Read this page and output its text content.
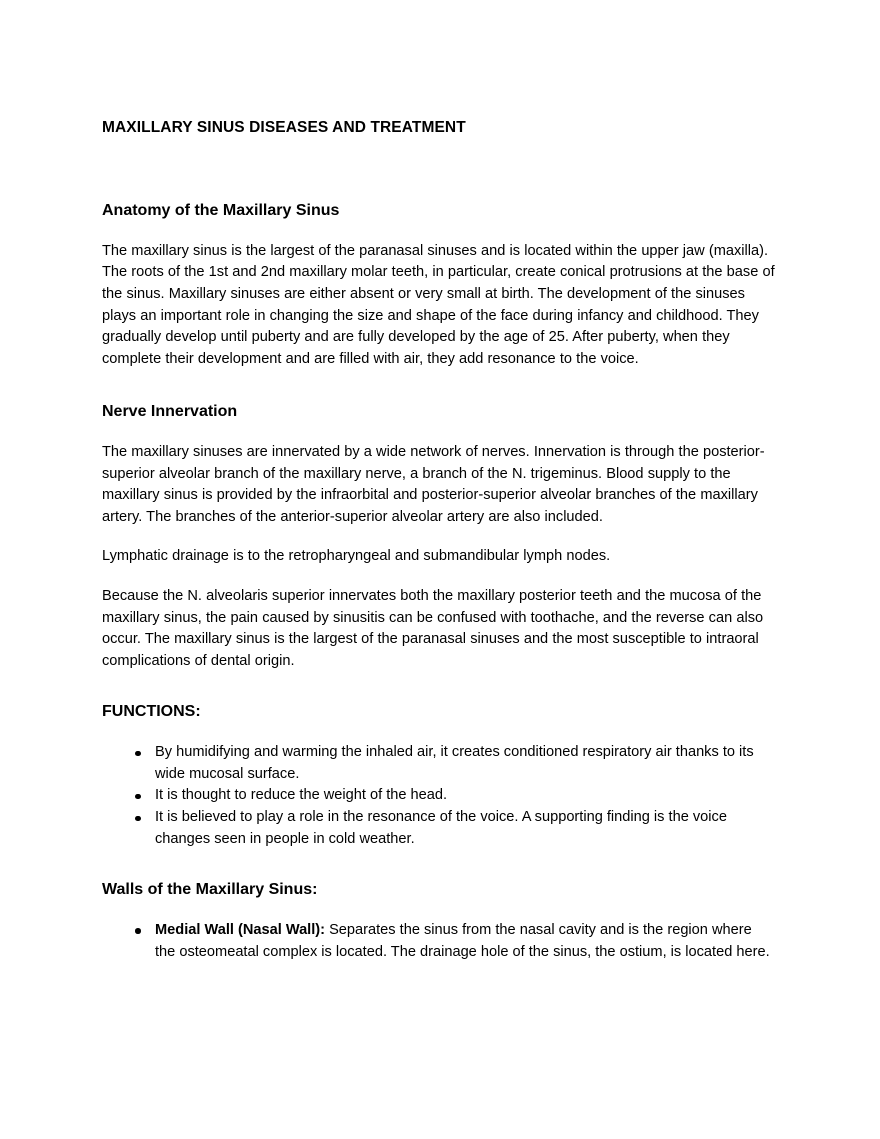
MAXILLARY SINUS DISEASES AND TREATMENT
Anatomy of the Maxillary Sinus

The maxillary sinus is the largest of the paranasal sinuses and is located within the upper jaw (maxilla). The roots of the 1st and 2nd maxillary molar teeth, in particular, create conical protrusions at the base of the sinus. Maxillary sinuses are either absent or very small at birth. The development of the sinuses plays an important role in changing the size and shape of the face during infancy and childhood. They gradually develop until puberty and are fully developed by the age of 25. After puberty, when they complete their development and are filled with air, they add resonance to the voice.

Nerve Innervation

The maxillary sinuses are innervated by a wide network of nerves. Innervation is through the posterior-superior alveolar branch of the maxillary nerve, a branch of the N. trigeminus. Blood supply to the maxillary sinus is provided by the infraorbital and posterior-superior alveolar branches of the maxillary artery. The branches of the anterior-superior alveolar artery are also included.

Lymphatic drainage is to the retropharyngeal and submandibular lymph nodes.

Because the N. alveolaris superior innervates both the maxillary posterior teeth and the mucosa of the maxillary sinus, the pain caused by sinusitis can be confused with toothache, and the reverse can also occur. The maxillary sinus is the largest of the paranasal sinuses and the most susceptible to intraoral complications of dental origin.

FUNCTIONS:
By humidifying and warming the inhaled air, it creates conditioned respiratory air thanks to its wide mucosal surface.
It is thought to reduce the weight of the head.
It is believed to play a role in the resonance of the voice. A supporting finding is the voice changes seen in people in cold weather.
Walls of the Maxillary Sinus:
Medial Wall (Nasal Wall): Separates the sinus from the nasal cavity and is the region where the osteomeatal complex is located. The drainage hole of the sinus, the ostium, is located here.
